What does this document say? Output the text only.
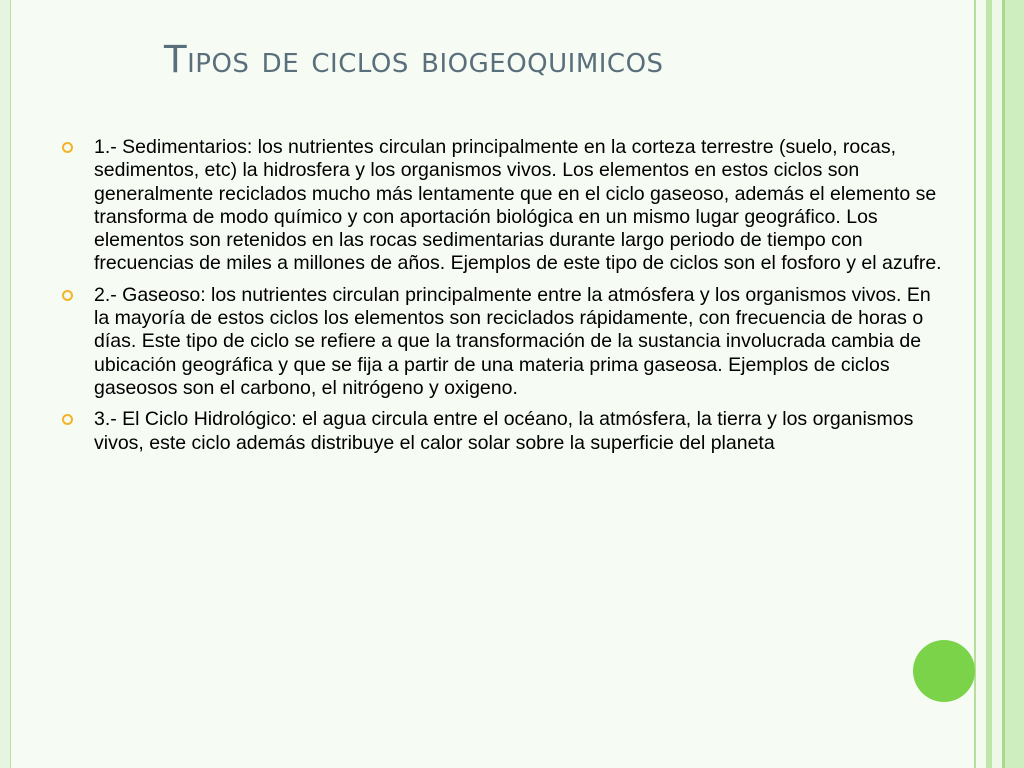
Tipos de ciclos biogeoquimicos
1.- Sedimentarios: los nutrientes circulan principalmente en la corteza terrestre (suelo, rocas, sedimentos, etc) la hidrosfera y los organismos vivos. Los elementos en estos ciclos son generalmente reciclados mucho más lentamente que en el ciclo gaseoso, además el elemento se transforma de modo químico y con aportación biológica en un mismo lugar geográfico. Los elementos son retenidos en las rocas sedimentarias durante largo periodo de tiempo con frecuencias de miles a millones de años. Ejemplos de este tipo de ciclos son el fosforo y el azufre.
2.- Gaseoso: los nutrientes circulan principalmente entre la atmósfera y los organismos vivos. En la mayoría de estos ciclos los elementos son reciclados rápidamente, con frecuencia de horas o días. Este tipo de ciclo se refiere a que la transformación de la sustancia involucrada cambia de ubicación geográfica y que se fija a partir de una materia prima gaseosa. Ejemplos de ciclos gaseosos son el carbono, el nitrógeno y oxigeno.
3.- El Ciclo Hidrológico: el agua circula entre el océano, la atmósfera, la tierra y los organismos vivos, este ciclo además distribuye el calor solar sobre la superficie del planeta
